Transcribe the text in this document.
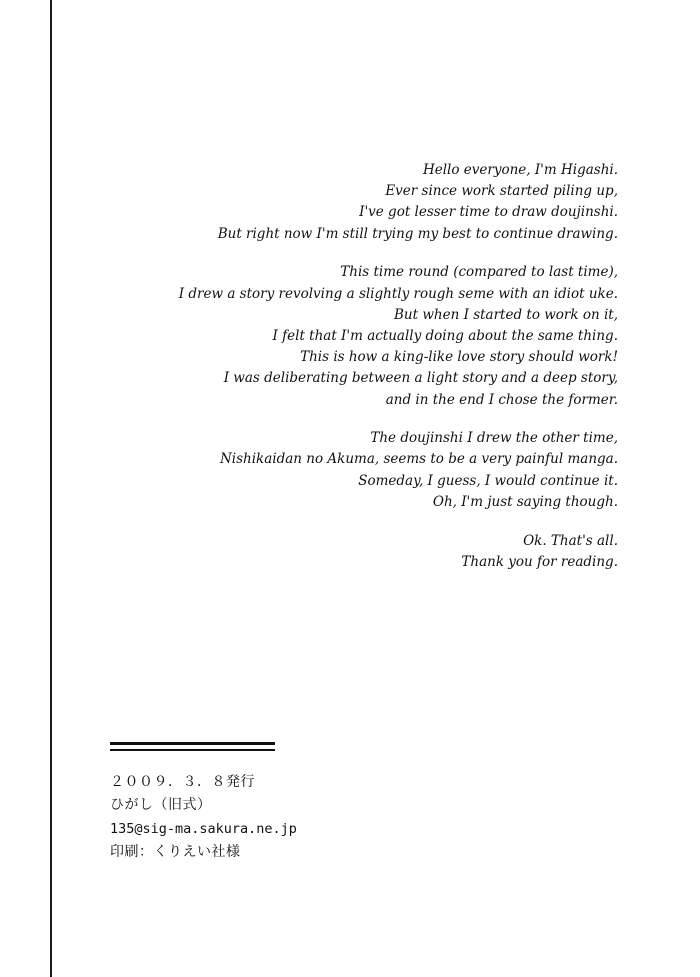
Hello everyone, I'm Higashi.
Ever since work started piling up,
I've got lesser time to draw doujinshi.
But right now I'm still trying my best to continue drawing.
This time round (compared to last time),
I drew a story revolving a slightly rough seme with an idiot uke.
But when I started to work on it,
I felt that I'm actually doing about the same thing.
This is how a king-like love story should work!
I was deliberating between a light story and a deep story,
and in the end I chose the former.
The doujinshi I drew the other time,
Nishikaidan no Akuma, seems to be a very painful manga.
Someday, I guess, I would continue it.
Oh, I'm just saying though.
Ok. That's all.
Thank you for reading.
２００９．３．８発行
ひがし（旧式）
135@sig-ma.sakura.ne.jp
印刷：くりえい社様
